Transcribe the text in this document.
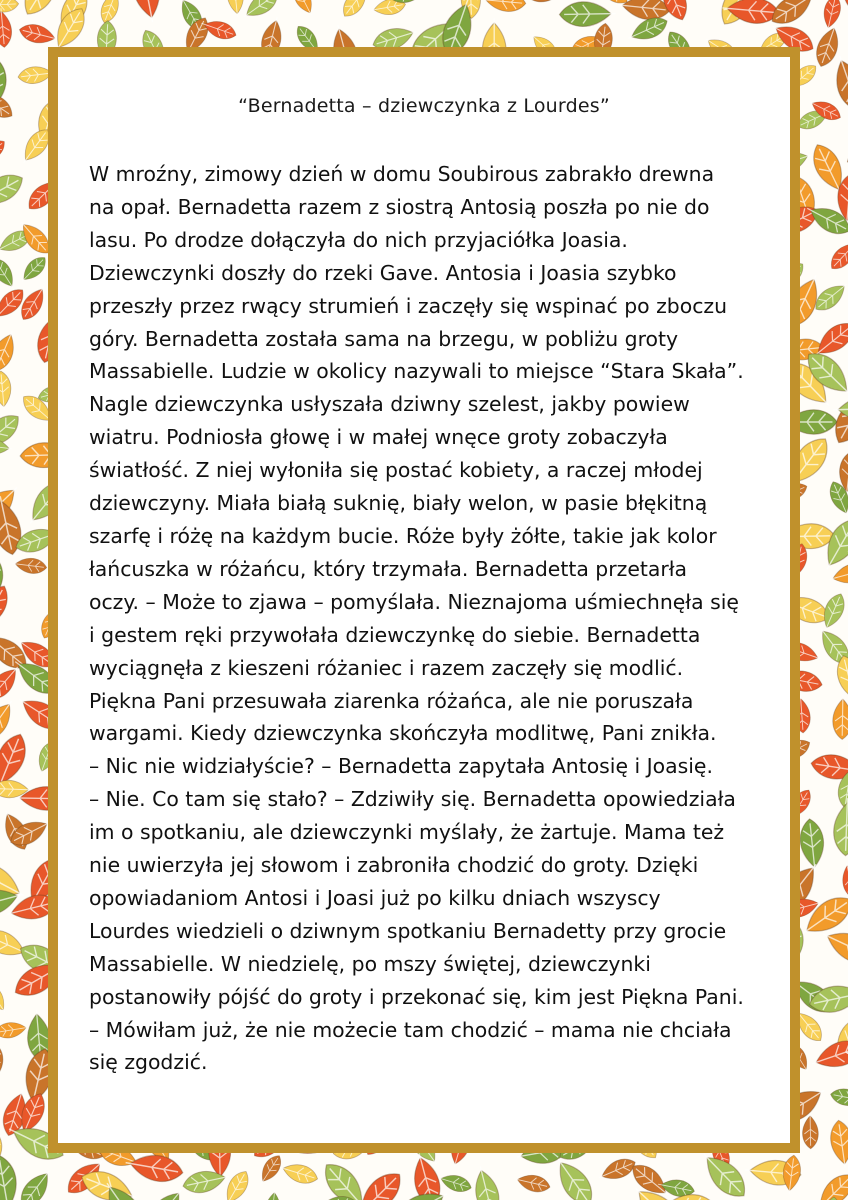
“Bernadetta – dziewczynka z Lourdes”
W mroźny, zimowy dzień w domu Soubirous zabrakło drewna
na opał. Bernadetta razem z siostrą Antosią poszła po nie do
lasu. Po drodze dołączyła do nich przyjaciółka Joasia.
Dziewczynki doszły do rzeki Gave. Antosia i Joasia szybko
przeszły przez rwący strumień i zaczęły się wspinać po zboczu
góry. Bernadetta została sama na brzegu, w pobliżu groty
Massabielle. Ludzie w okolicy nazywali to miejsce “Stara Skała”.
Nagle dziewczynka usłyszała dziwny szelest, jakby powiew
wiatru. Podniosła głowę i w małej wnęce groty zobaczyła
światłość. Z niej wyłoniła się postać kobiety, a raczej młodej
dziewczyny. Miała białą suknię, biały welon, w pasie błękitną
szarfę i różę na każdym bucie. Róże były żółte, takie jak kolor
łańcuszka w różańcu, który trzymała. Bernadetta przetarła
oczy. – Może to zjawa – pomyślała. Nieznajoma uśmiechnęła się
i gestem ręki przywołała dziewczynkę do siebie. Bernadetta
wyciągnęła z kieszeni różaniec i razem zaczęły się modlić.
Piękna Pani przesuwała ziarenka różańca, ale nie poruszała
wargami. Kiedy dziewczynka skończyła modlitwę, Pani znikła.
– Nic nie widziałyście? – Bernadetta zapytała Antosię i Joasię.
– Nie. Co tam się stało? – Zdziwiły się. Bernadetta opowiedziała
im o spotkaniu, ale dziewczynki myślały, że żartuje. Mama też
nie uwierzyła jej słowom i zabroniła chodzić do groty. Dzięki
opowiadaniom Antosi i Joasi już po kilku dniach wszyscy
Lourdes wiedzieli o dziwnym spotkaniu Bernadetty przy grocie
Massabielle. W niedzielę, po mszy świętej, dziewczynki
postanowiły pójść do groty i przekonać się, kim jest Piękna Pani.
– Mówiłam już, że nie możecie tam chodzić – mama nie chciała
się zgodzić.
